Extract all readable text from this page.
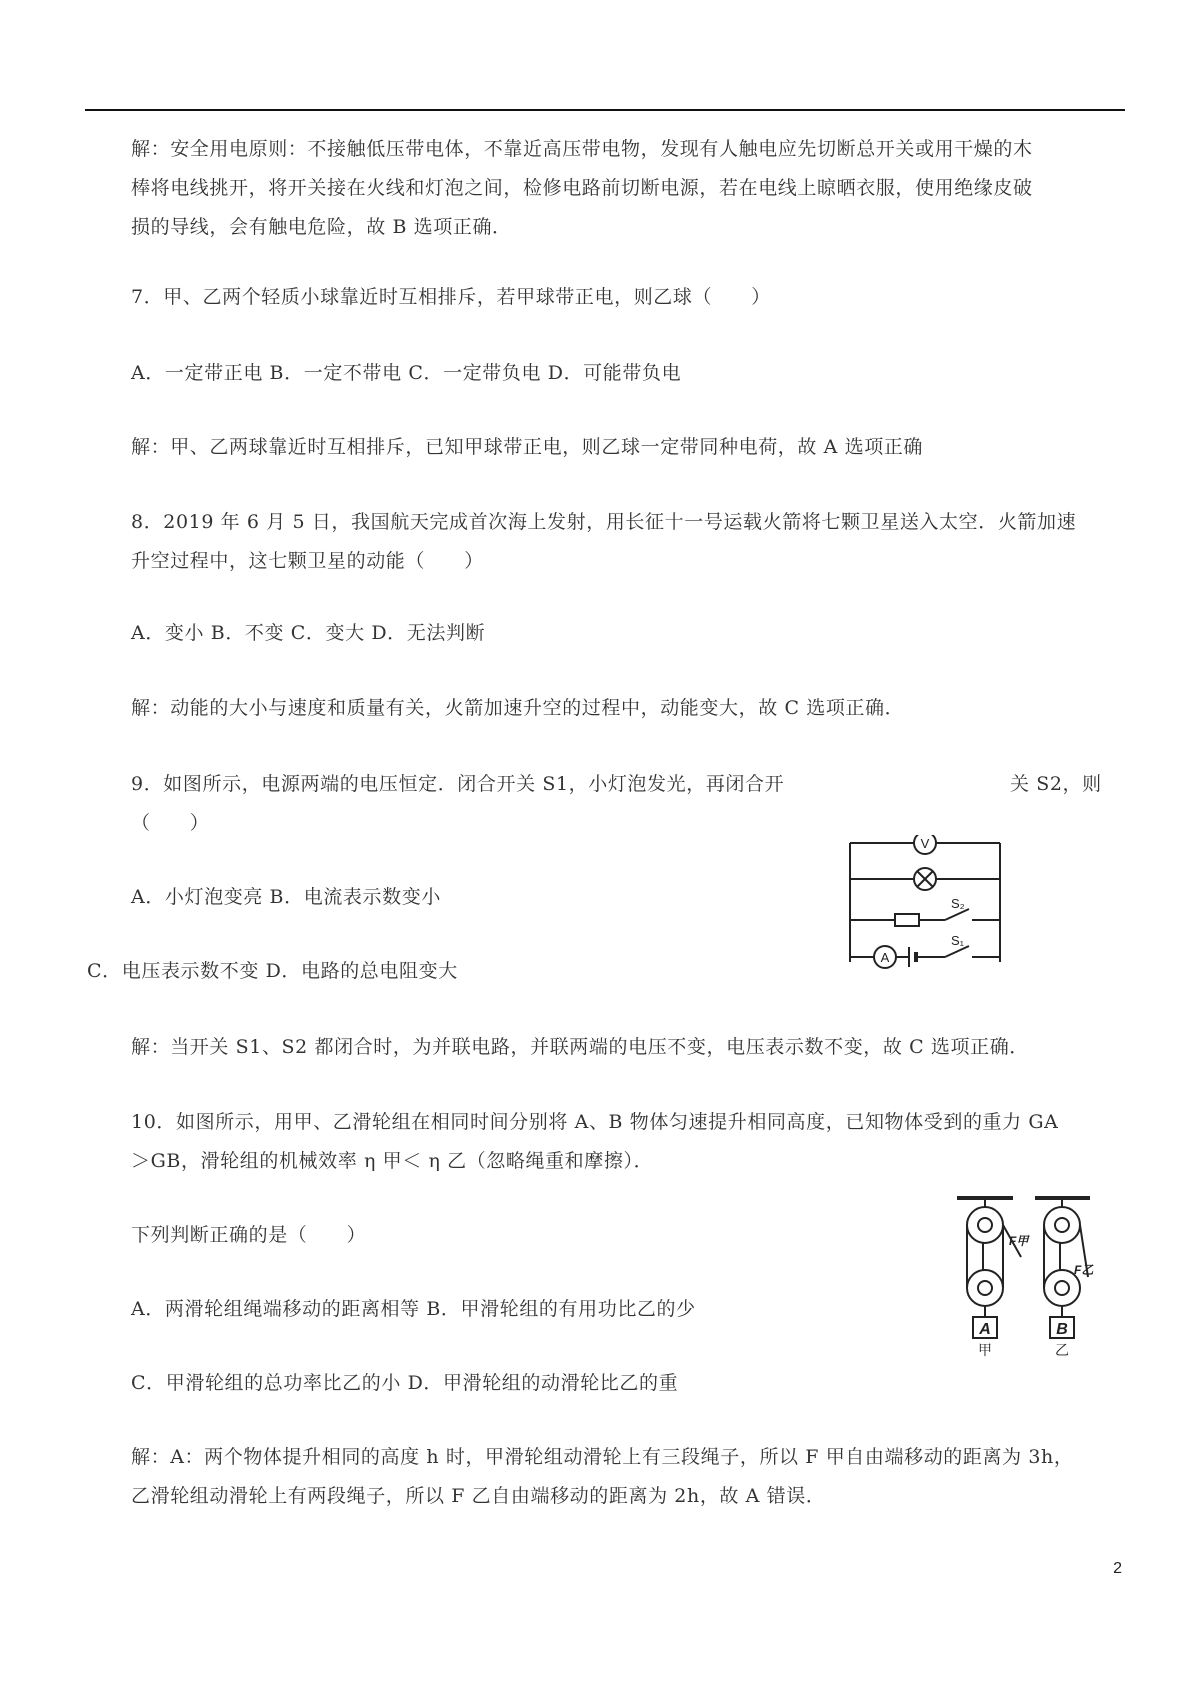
解：安全用电原则：不接触低压带电体，不靠近高压带电物，发现有人触电应先切断总开关或用干燥的木
棒将电线挑开，将开关接在火线和灯泡之间，检修电路前切断电源，若在电线上晾晒衣服，使用绝缘皮破
损的导线，会有触电危险，故 B 选项正确．
7．甲、乙两个轻质小球靠近时互相排斥，若甲球带正电，则乙球（　　）
A．一定带正电 B．一定不带电 C．一定带负电 D．可能带负电
解：甲、乙两球靠近时互相排斥，已知甲球带正电，则乙球一定带同种电荷，故 A 选项正确
8．2019 年 6 月 5 日，我国航天完成首次海上发射，用长征十一号运载火箭将七颗卫星送入太空．火箭加速
升空过程中，这七颗卫星的动能（　　）
A．变小 B．不变 C．变大 D．无法判断
解：动能的大小与速度和质量有关，火箭加速升空的过程中，动能变大，故 C 选项正确．
9．如图所示，电源两端的电压恒定．闭合开关 S1，小灯泡发光，再闭合开	关 S2，则
（　　）
A．小灯泡变亮 B．电流表示数变小
C．电压表示数不变 D．电路的总电阻变大
解：当开关 S1、S2 都闭合时，为并联电路，并联两端的电压不变，电压表示数不变，故 C 选项正确．
10．如图所示，用甲、乙滑轮组在相同时间分别将 A、B 物体匀速提升相同高度，已知物体受到的重力 GA
＞GB，滑轮组的机械效率 η 甲＜ η 乙（忽略绳重和摩擦）．
下列判断正确的是（　　）
A．两滑轮组绳端移动的距离相等 B．甲滑轮组的有用功比乙的少
C．甲滑轮组的总功率比乙的小 D．甲滑轮组的动滑轮比乙的重
解：A：两个物体提升相同的高度 h 时，甲滑轮组动滑轮上有三段绳子，所以 F 甲自由端移动的距离为 3h，
乙滑轮组动滑轮上有两段绳子，所以 F 乙自由端移动的距离为 2h，故 A 错误．
V
A
S₂
S₁
F甲
F乙
A	B
甲	乙
2
